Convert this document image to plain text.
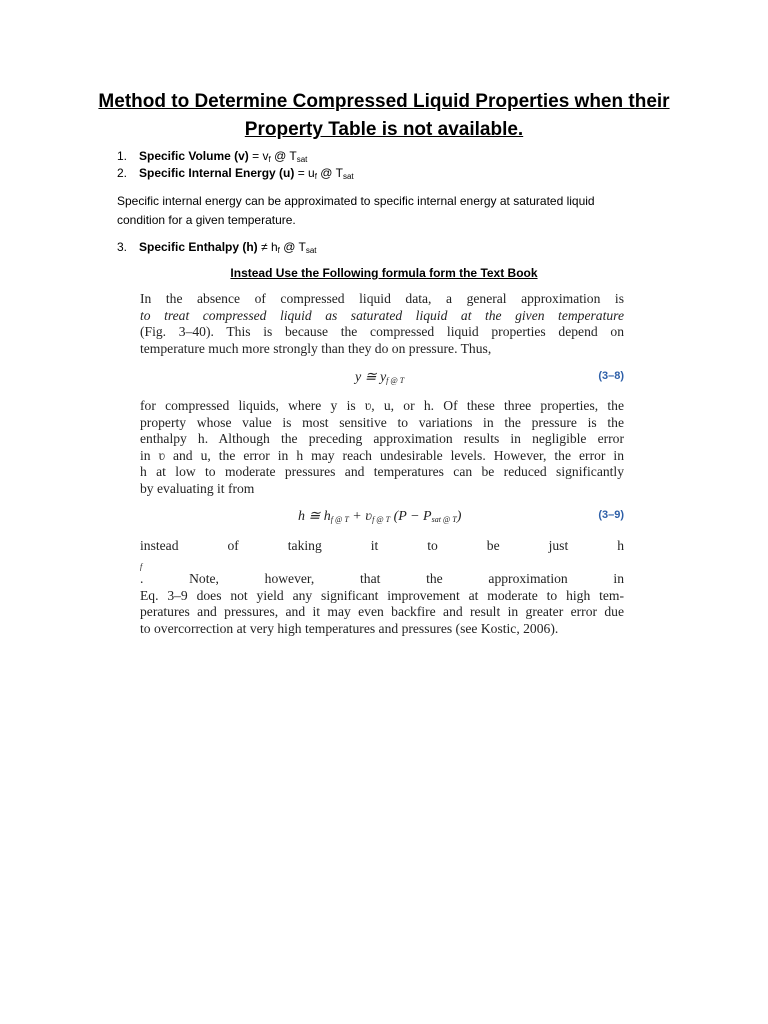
Method to Determine Compressed Liquid Properties when their
Property Table is not available.
1. Specific Volume $(v) = v_f$ @ $T_{sat}$
2. Specific Internal Energy $(u) = u_f$ @ $T_{sat}$
Specific internal energy can be approximated to specific internal energy at saturated liquid
condition for a given temperature.
3. Specific Enthalpy $(h) \ne h_f$ @ $T_{sat}$
Instead Use the Following formula form the Text Book
In the absence of compressed liquid data, a general approximation is
to treat compressed liquid as saturated liquid at the given temperature
(Fig. 3–40). This is because the compressed liquid properties depend on
temperature much more strongly than they do on pressure. Thus,
y ≅ $y_{f @ T}$	(3–8)
for compressed liquids, where y is ʋ, u, or h. Of these three properties, the
property whose value is most sensitive to variations in the pressure is the
enthalpy h. Although the preceding approximation results in negligible error
in ʋ and u, the error in h may reach undesirable levels. However, the error in
h at low to moderate pressures and temperatures can be reduced significantly
by evaluating it from
h ≅ $h_{f @ T}$ + ʋ$_{f @ T}$ $(P - P_{sat @ T})$	(3–9)
instead of taking it to be just h
$_f$
. Note, however, that the approximation in
Eq. 3–9 does not yield any significant improvement at moderate to high tem-
peratures and pressures, and it may even backfire and result in greater error due
to overcorrection at very high temperatures and pressures (see Kostic, 2006).
